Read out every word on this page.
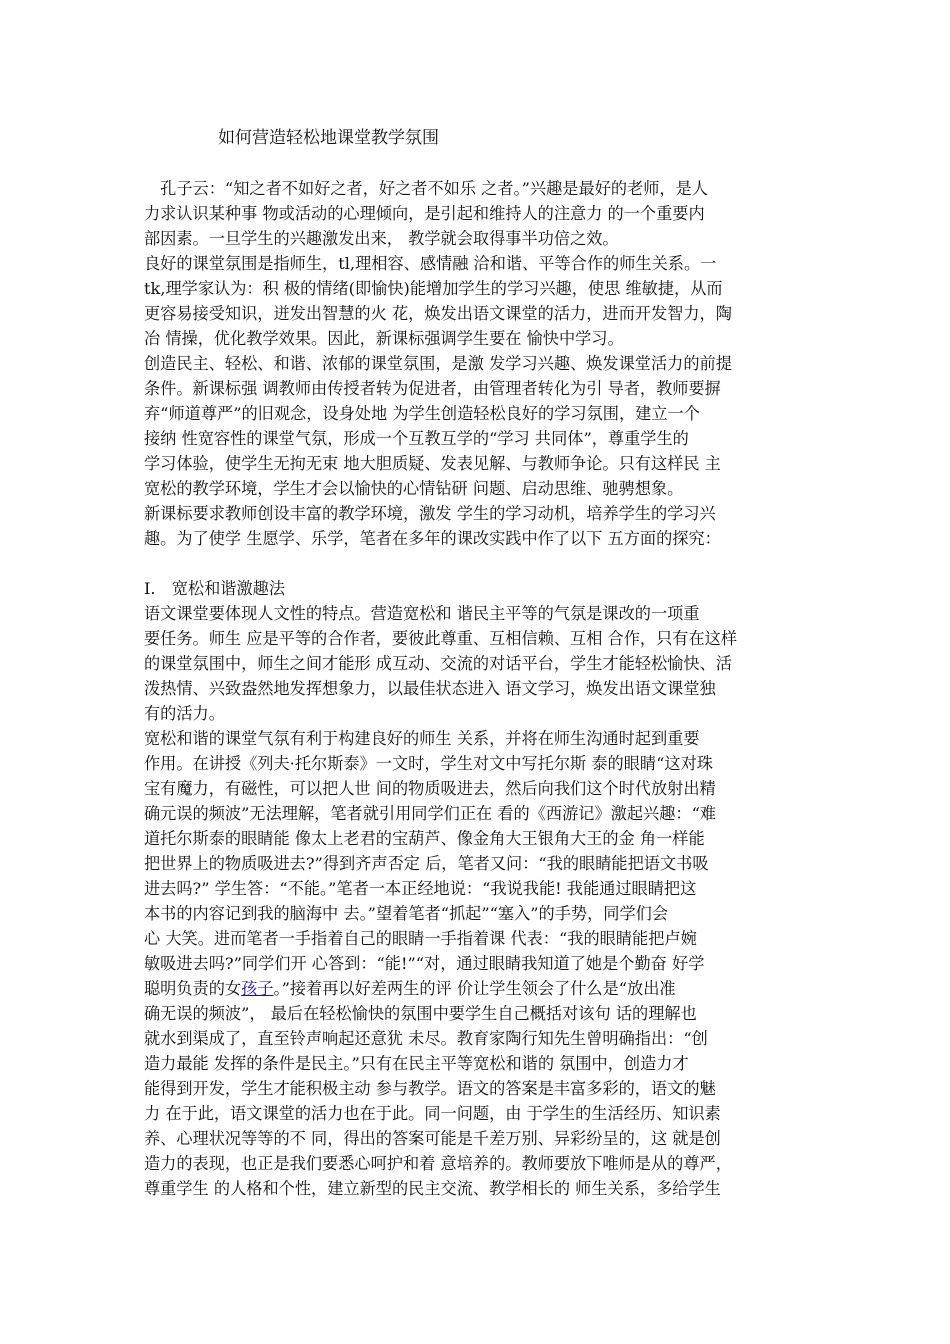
如何营造轻松地课堂教学氛围
　孔子云：“知之者不如好之者，好之者不如乐 之者。”兴趣是最好的老师，是人
力求认识某种事 物或活动的心理倾向，是引起和维持人的注意力 的一个重要内
部因素。一旦学生的兴趣激发出来， 教学就会取得事半功倍之效。
良好的课堂氛围是指师生，tl,理相容、感情融 洽和谐、平等合作的师生关系。一
tk,理学家认为：积 极的情绪(即愉快)能增加学生的学习兴趣，使思 维敏捷，从而
更容易接受知识，迸发出智慧的火 花，焕发出语文课堂的活力，进而开发智力，陶
冶 情操，优化教学效果。因此，新课标强调学生要在 愉快中学习。
创造民主、轻松、和谐、浓郁的课堂氛围，是激 发学习兴趣、焕发课堂活力的前提
条件。新课标强 调教师由传授者转为促进者，由管理者转化为引 导者，教师要摒
弃“师道尊严”的旧观念，设身处地 为学生创造轻松良好的学习氛围，建立一个
接纳 性宽容性的课堂气氛，形成一个互教互学的“学习 共同体”，尊重学生的
学习体验，使学生无拘无束 地大胆质疑、发表见解、与教师争论。只有这样民 主
宽松的教学环境，学生才会以愉快的心情钻研 问题、启动思维、驰骋想象。
新课标要求教师创设丰富的教学环境，激发 学生的学习动机，培养学生的学习兴
趣。为了使学 生愿学、乐学，笔者在多年的课改实践中作了以下 五方面的探究：
I.　宽松和谐激趣法
语文课堂要体现人文性的特点。营造宽松和 谐民主平等的气氛是课改的一项重
要任务。师生 应是平等的合作者，要彼此尊重、互相信赖、互相 合作，只有在这样
的课堂氛围中，师生之间才能形 成互动、交流的对话平台，学生才能轻松愉快、活
泼热情、兴致盎然地发挥想象力，以最佳状态进入 语文学习，焕发出语文课堂独
有的活力。
宽松和谐的课堂气氛有利于构建良好的师生 关系，并将在师生沟通时起到重要
作用。在讲授《列夫·托尔斯泰》一文时，学生对文中写托尔斯 泰的眼睛“这对珠
宝有魔力，有磁性，可以把人世 间的物质吸进去，然后向我们这个时代放射出精
确元误的频波”无法理解，笔者就引用同学们正在 看的《西游记》激起兴趣：“难
道托尔斯泰的眼睛能 像太上老君的宝葫芦、像金角大王银角大王的金 角一样能
把世界上的物质吸进去?”得到齐声否定 后，笔者又问：“我的眼睛能把语文书吸
进去吗?” 学生答：“不能。”笔者一本正经地说：“我说我能! 我能通过眼睛把这
本书的内容记到我的脑海中 去。”望着笔者“抓起”“塞入”的手势，同学们会
心 大笑。进而笔者一手指着自己的眼睛一手指着课 代表：“我的眼睛能把卢婉
敏吸进去吗?”同学们开 心答到：“能!”“对，通过眼睛我知道了她是个勤奋 好学
聪明负责的女孩子。”接着再以好差两生的评 价让学生领会了什么是“放出准
确无误的频波”， 最后在轻松愉快的氛围中要学生自己概括对该句 话的理解也
就水到渠成了，直至铃声响起还意犹 未尽。教育家陶行知先生曾明确指出：“创
造力最能 发挥的条件是民主。”只有在民主平等宽松和谐的 氛围中，创造力才
能得到开发，学生才能积极主动 参与教学。语文的答案是丰富多彩的，语文的魅
力 在于此，语文课堂的活力也在于此。同一问题，由 于学生的生活经历、知识素
养、心理状况等等的不 同，得出的答案可能是千差万别、异彩纷呈的，这 就是创
造力的表现，也正是我们要悉心呵护和着 意培养的。教师要放下唯师是从的尊严，
尊重学生 的人格和个性，建立新型的民主交流、教学相长的 师生关系，多给学生
